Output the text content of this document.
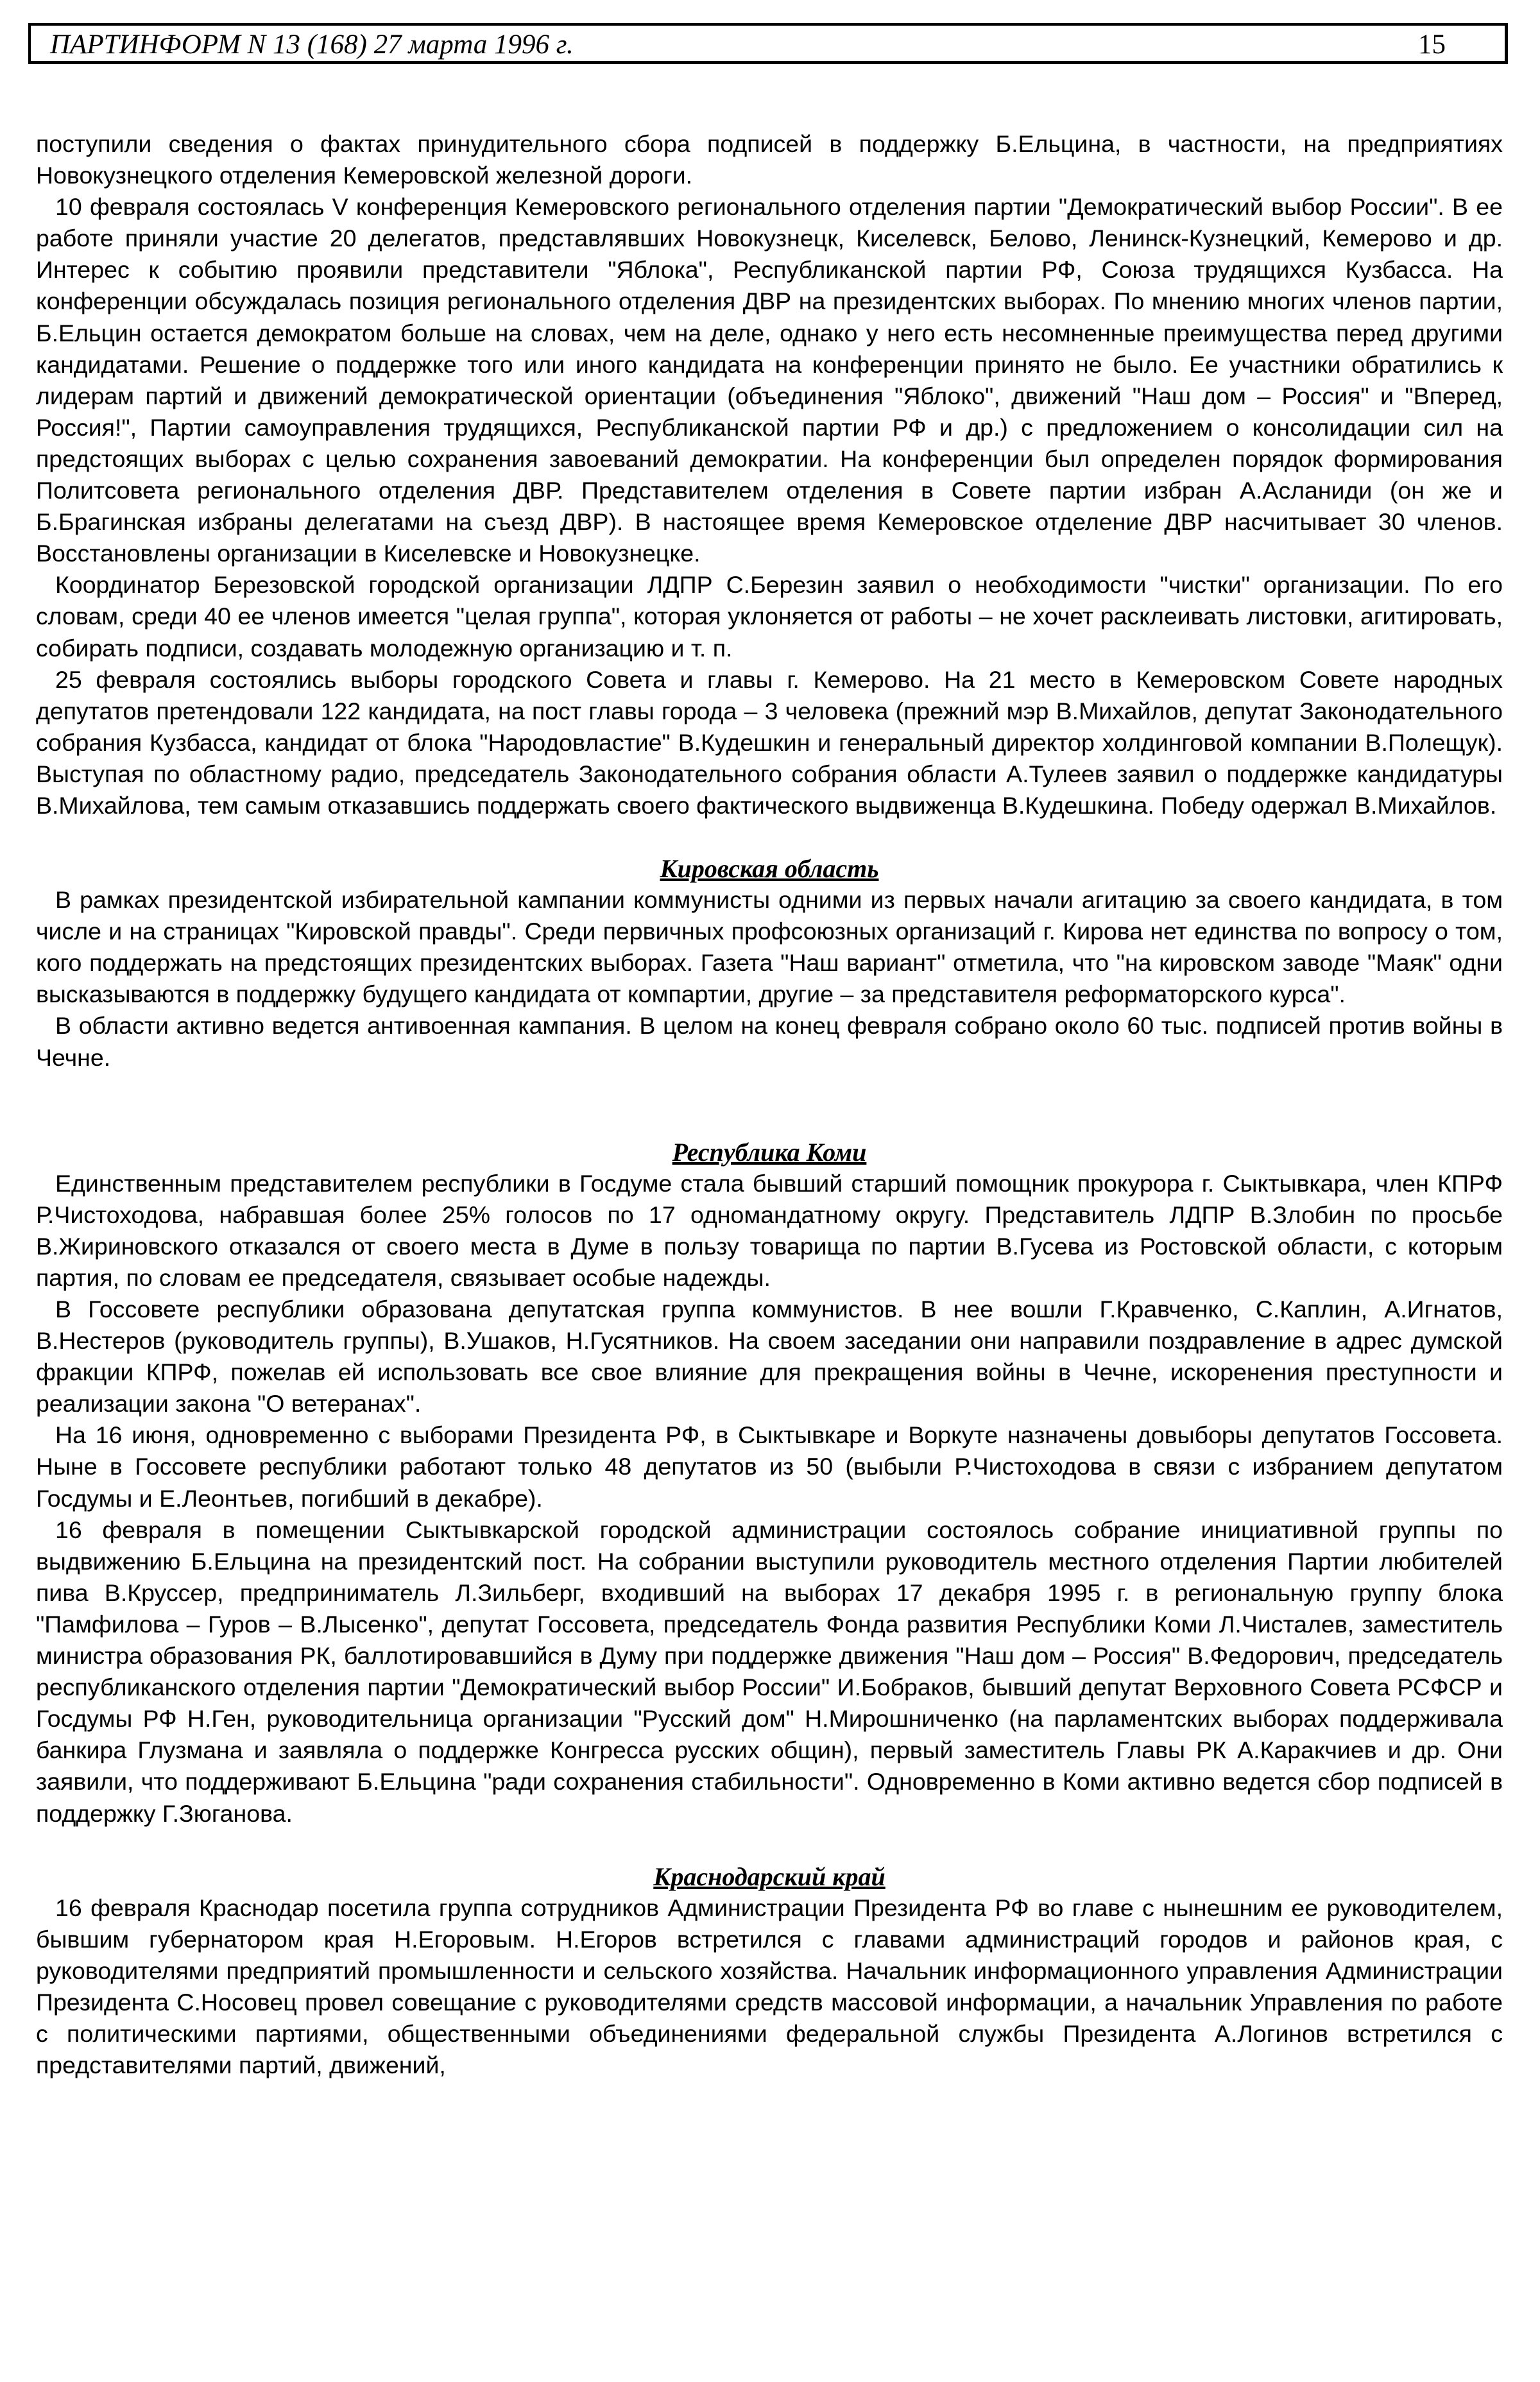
ПАРТИНФОРМ N 13 (168) 27 марта 1996 г.	15

поступили сведения о фактах принудительного сбора подписей в поддержку Б.Ельцина, в частности, на предприятиях Новокузнецкого отделения Кемеровской железной дороги.

10 февраля состоялась V конференция Кемеровского регионального отделения партии "Демократический выбор России". В ее работе приняли участие 20 делегатов, представлявших Новокузнецк, Киселевск, Белово, Ленинск-Кузнецкий, Кемерово и др. Интерес к событию проявили представители "Яблока", Республиканской партии РФ, Союза трудящихся Кузбасса. На конференции обсуждалась позиция регионального отделения ДВР на президентских выборах. По мнению многих членов партии, Б.Ельцин остается демократом больше на словах, чем на деле, однако у него есть несомненные преимущества перед другими кандидатами. Решение о поддержке того или иного кандидата на конференции принято не было. Ее участники обратились к лидерам партий и движений демократической ориентации (объединения "Яблоко", движений "Наш дом – Россия" и "Вперед, Россия!", Партии самоуправления трудящихся, Республиканской партии РФ и др.) с предложением о консолидации сил на предстоящих выборах с целью сохранения завоеваний демократии. На конференции был определен порядок формирования Политсовета регионального отделения ДВР. Представителем отделения в Совете партии избран А.Асланиди (он же и Б.Брагинская избраны делегатами на съезд ДВР). В настоящее время Кемеровское отделение ДВР насчитывает 30 членов. Восстановлены организации в Киселевске и Новокузнецке.

Координатор Березовской городской организации ЛДПР С.Березин заявил о необходимости "чистки" организации. По его словам, среди 40 ее членов имеется "целая группа", которая уклоняется от работы – не хочет расклеивать листовки, агитировать, собирать подписи, создавать молодежную организацию и т. п.

25 февраля состоялись выборы городского Совета и главы г. Кемерово. На 21 место в Кемеровском Совете народных депутатов претендовали 122 кандидата, на пост главы города – 3 человека (прежний мэр В.Михайлов, депутат Законодательного собрания Кузбасса, кандидат от блока "Народовластие" В.Кудешкин и генеральный директор холдинговой компании В.Полещук). Выступая по областному радио, председатель Законодательного собрания области А.Тулеев заявил о поддержке кандидатуры В.Михайлова, тем самым отказавшись поддержать своего фактического выдвиженца В.Кудешкина. Победу одержал В.Михайлов.

Кировская область

В рамках президентской избирательной кампании коммунисты одними из первых начали агитацию за своего кандидата, в том числе и на страницах "Кировской правды". Среди первичных профсоюзных организаций г. Кирова нет единства по вопросу о том, кого поддержать на предстоящих президентских выборах. Газета "Наш вариант" отметила, что "на кировском заводе "Маяк" одни высказываются в поддержку будущего кандидата от компартии, другие – за представителя реформаторского курса".

В области активно ведется антивоенная кампания. В целом на конец февраля собрано около 60 тыс. подписей против войны в Чечне.

Республика Коми

Единственным представителем республики в Госдуме стала бывший старший помощник прокурора г. Сыктывкара, член КПРФ Р.Чистоходова, набравшая более 25% голосов по 17 одномандатному округу. Представитель ЛДПР В.Злобин по просьбе В.Жириновского отказался от своего места в Думе в пользу товарища по партии В.Гусева из Ростовской области, с которым партия, по словам ее председателя, связывает особые надежды.

В Госсовете республики образована депутатская группа коммунистов. В нее вошли Г.Кравченко, С.Каплин, А.Игнатов, В.Нестеров (руководитель группы), В.Ушаков, Н.Гусятников. На своем заседании они направили поздравление в адрес думской фракции КПРФ, пожелав ей использовать все свое влияние для прекращения войны в Чечне, искоренения преступности и реализации закона "О ветеранах".

На 16 июня, одновременно с выборами Президента РФ, в Сыктывкаре и Воркуте назначены довыборы депутатов Госсовета. Ныне в Госсовете республики работают только 48 депутатов из 50 (выбыли Р.Чистоходова в связи с избранием депутатом Госдумы и Е.Леонтьев, погибший в декабре).

16 февраля в помещении Сыктывкарской городской администрации состоялось собрание инициативной группы по выдвижению Б.Ельцина на президентский пост. На собрании выступили руководитель местного отделения Партии любителей пива В.Круссер, предприниматель Л.Зильберг, входивший на выборах 17 декабря 1995 г. в региональную группу блока "Памфилова – Гуров – В.Лысенко", депутат Госсовета, председатель Фонда развития Республики Коми Л.Чисталев, заместитель министра образования РК, баллотировавшийся в Думу при поддержке движения "Наш дом – Россия" В.Федорович, председатель республиканского отделения партии "Демократический выбор России" И.Бобраков, бывший депутат Верховного Совета РСФСР и Госдумы РФ Н.Ген, руководительница организации "Русский дом" Н.Мирошниченко (на парламентских выборах поддерживала банкира Глузмана и заявляла о поддержке Конгресса русских общин), первый заместитель Главы РК А.Каракчиев и др. Они заявили, что поддерживают Б.Ельцина "ради сохранения стабильности". Одновременно в Коми активно ведется сбор подписей в поддержку Г.Зюганова.

Краснодарский край

16 февраля Краснодар посетила группа сотрудников Администрации Президента РФ во главе с нынешним ее руководителем, бывшим губернатором края Н.Егоровым. Н.Егоров встретился с главами администраций городов и районов края, с руководителями предприятий промышленности и сельского хозяйства. Начальник информационного управления Администрации Президента С.Носовец провел совещание с руководителями средств массовой информации, а начальник Управления по работе с политическими партиями, общественными объединениями федеральной службы Президента А.Логинов встретился с представителями партий, движений,
